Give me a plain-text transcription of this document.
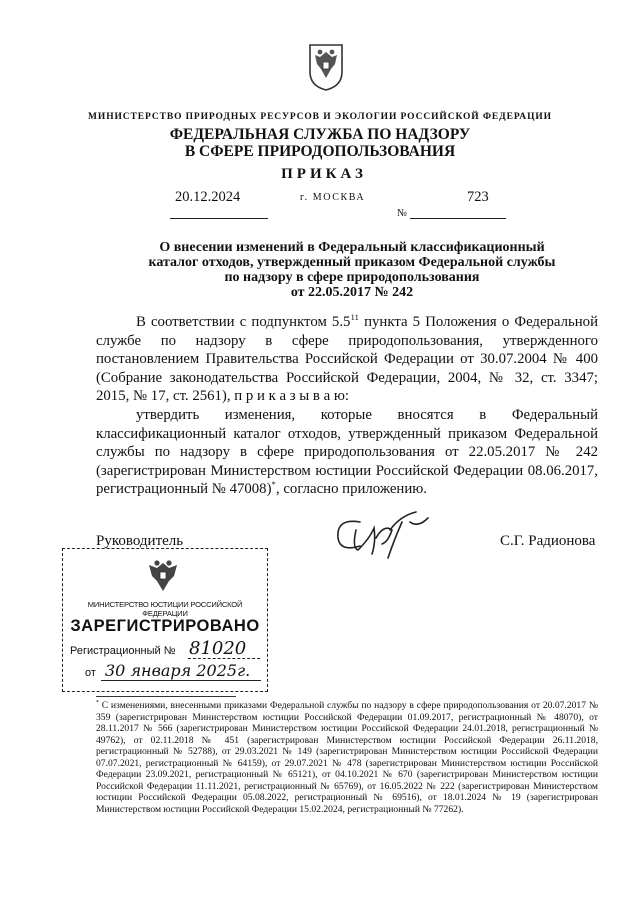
МИНИСТЕРСТВО ПРИРОДНЫХ РЕСУРСОВ И ЭКОЛОГИИ РОССИЙСКОЙ ФЕДЕРАЦИИ
ФЕДЕРАЛЬНАЯ СЛУЖБА ПО НАДЗОРУ
В СФЕРЕ ПРИРОДОПОЛЬЗОВАНИЯ
ПРИКАЗ
20.12.2024	г. МОСКВА	723
№
О внесении изменений в Федеральный классификационный
каталог отходов, утвержденный приказом Федеральной службы
по надзору в сфере природопользования
от 22.05.2017 № 242
В соответствии с подпунктом $5.5^{11}$ пункта 5 Положения о Федеральной службе по надзору в сфере природопользования, утвержденного постановлением Правительства Российской Федерации от 30.07.2004 № 400 (Собрание законодательства Российской Федерации, 2004, № 32, ст. 3347; 2015, № 17, ст. 2561), п р и к а з ы в а ю:
утвердить изменения, которые вносятся в Федеральный классификационный каталог отходов, утвержденный приказом Федеральной службы по надзору в сфере природопользования от 22.05.2017 № 242 (зарегистрирован Министерством юстиции Российской Федерации 08.06.2017, регистрационный № 47008)*, согласно приложению.
Руководитель	С.Г. Радионова
МИНИСТЕРСТВО ЮСТИЦИИ РОССИЙСКОЙ ФЕДЕРАЦИИ
ЗАРЕГИСТРИРОВАНО
Регистрационный № 81020
от 30 января 2025г.
* С изменениями, внесенными приказами Федеральной службы по надзору в сфере природопользования от 20.07.2017 № 359 (зарегистрирован Министерством юстиции Российской Федерации 01.09.2017, регистрационный № 48070), от 28.11.2017 № 566 (зарегистрирован Министерством юстиции Российской Федерации 24.01.2018, регистрационный № 49762), от 02.11.2018 № 451 (зарегистрирован Министерством юстиции Российской Федерации 26.11.2018, регистрационный № 52788), от 29.03.2021 № 149 (зарегистрирован Министерством юстиции Российской Федерации 07.07.2021, регистрационный № 64159), от 29.07.2021 № 478 (зарегистрирован Министерством юстиции Российской Федерации 23.09.2021, регистрационный № 65121), от 04.10.2021 № 670 (зарегистрирован Министерством юстиции Российской Федерации 11.11.2021, регистрационный № 65769), от 16.05.2022 № 222 (зарегистрирован Министерством юстиции Российской Федерации 05.08.2022, регистрационный № 69516), от 18.01.2024 № 19 (зарегистрирован Министерством юстиции Российской Федерации 15.02.2024, регистрационный № 77262).
